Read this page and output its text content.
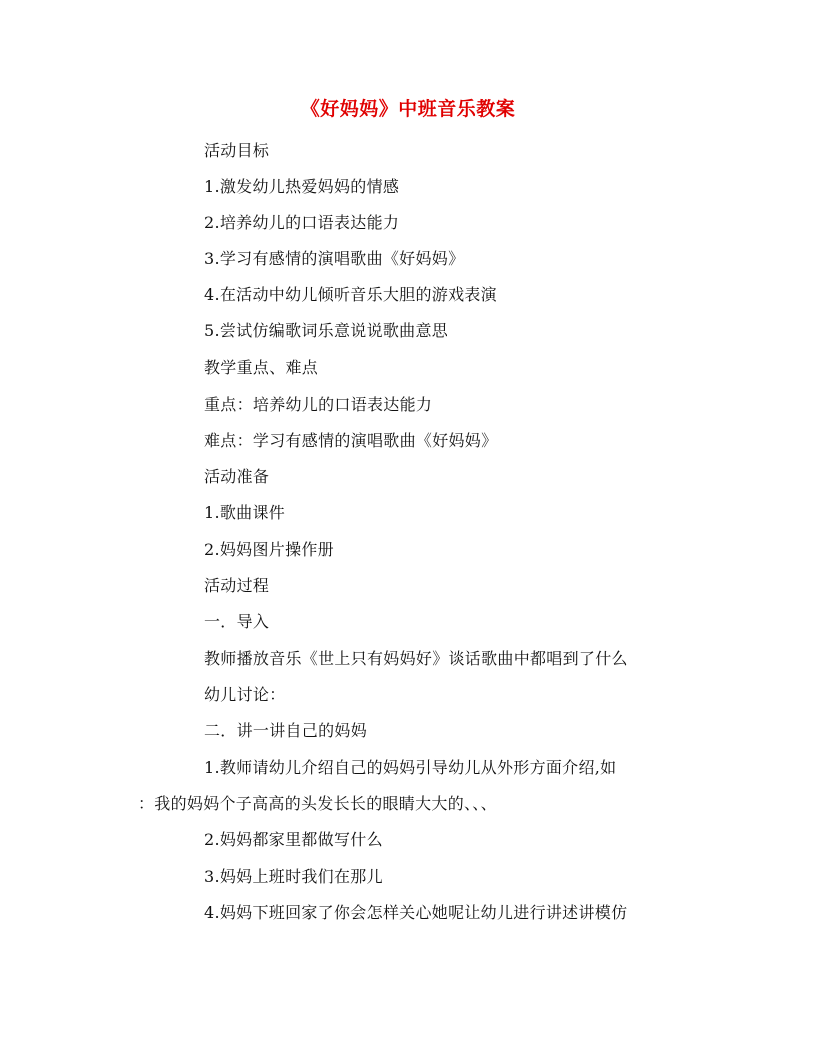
《好妈妈》中班音乐教案
活动目标
1.激发幼儿热爱妈妈的情感
2.培养幼儿的口语表达能力
3.学习有感情的演唱歌曲《好妈妈》
4.在活动中幼儿倾听音乐大胆的游戏表演
5.尝试仿编歌词乐意说说歌曲意思
教学重点、难点
重点：培养幼儿的口语表达能力
难点：学习有感情的演唱歌曲《好妈妈》
活动准备
1.歌曲课件
2.妈妈图片操作册
活动过程
一．导入
教师播放音乐《世上只有妈妈好》谈话歌曲中都唱到了什么
幼儿讨论：
二．讲一讲自己的妈妈
1.教师请幼儿介绍自己的妈妈引导幼儿从外形方面介绍,如
：我的妈妈个子高高的头发长长的眼睛大大的、、、
2.妈妈都家里都做写什么
3.妈妈上班时我们在那儿
4.妈妈下班回家了你会怎样关心她呢让幼儿进行讲述讲模仿
